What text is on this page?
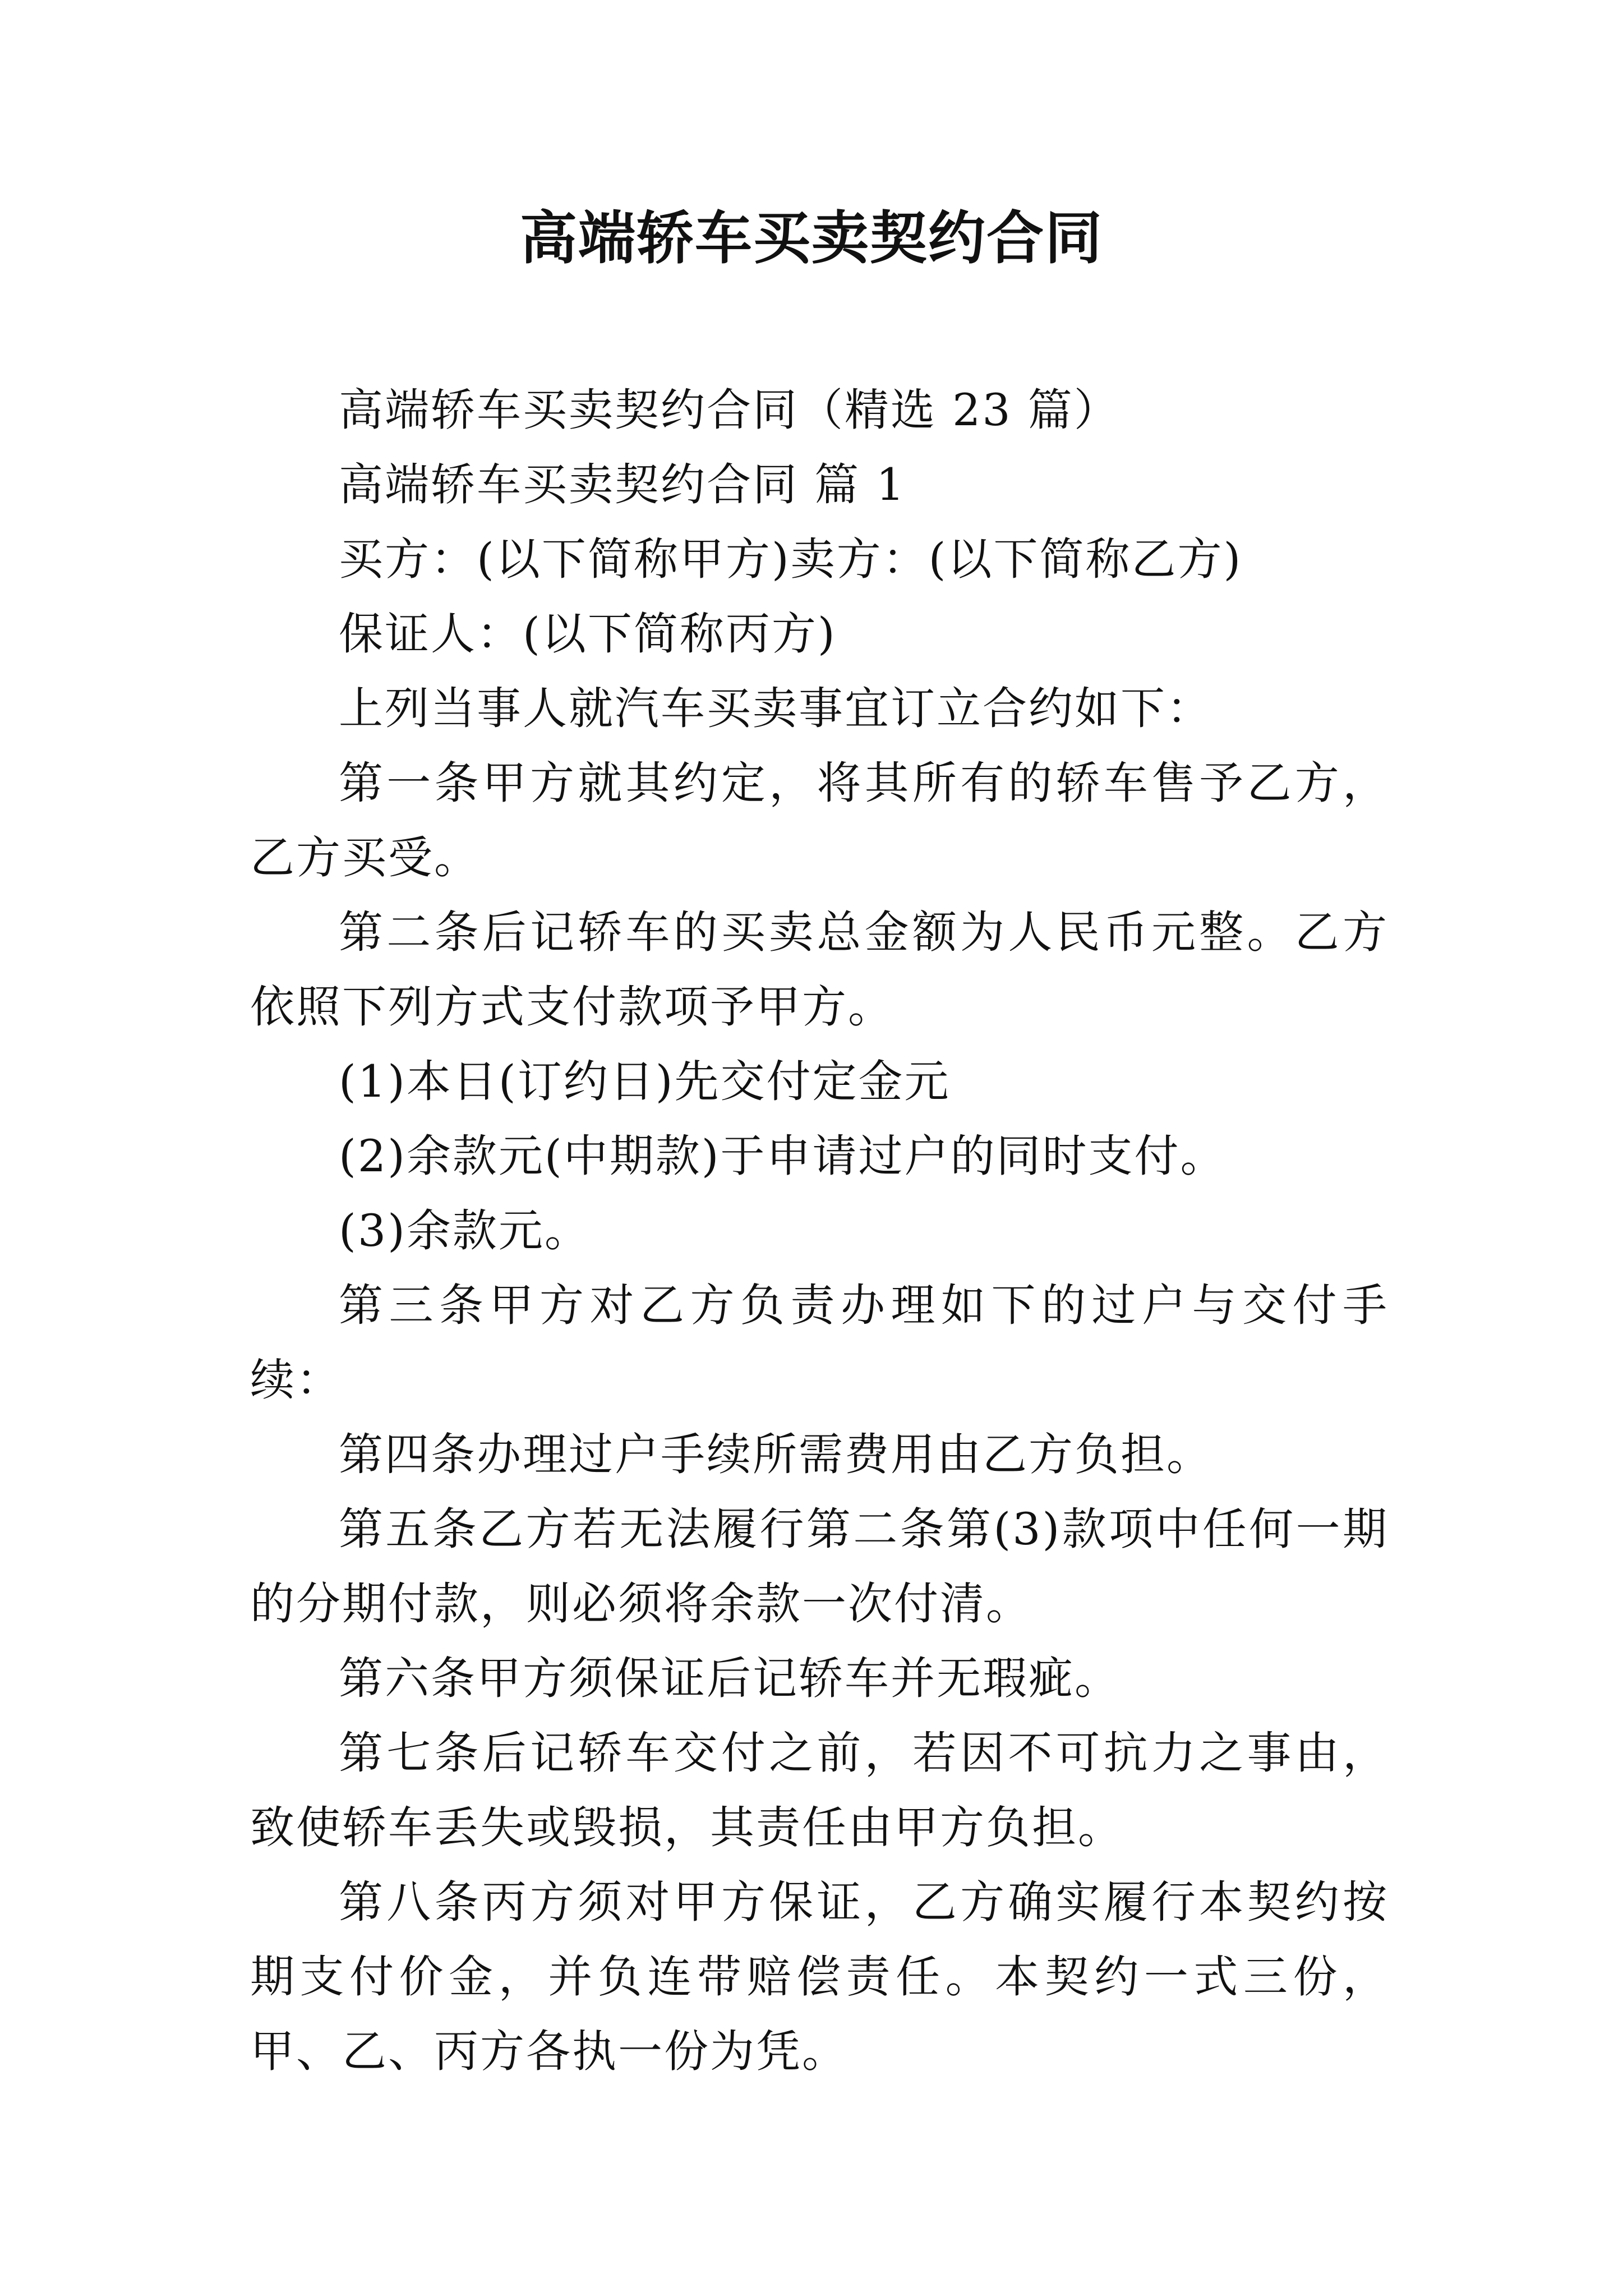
高端轿车买卖契约合同

高端轿车买卖契约合同（精选 23 篇）

高端轿车买卖契约合同 篇 1

买方：(以下简称甲方)卖方：(以下简称乙方)

保证人：(以下简称丙方)

上列当事人就汽车买卖事宜订立合约如下：

第一条甲方就其约定，将其所有的轿车售予乙方，乙方买受。

第二条后记轿车的买卖总金额为人民币元整。乙方依照下列方式支付款项予甲方。

(1)本日(订约日)先交付定金元

(2)余款元(中期款)于申请过户的同时支付。

(3)余款元。

第三条甲方对乙方负责办理如下的过户与交付手续：

第四条办理过户手续所需费用由乙方负担。

第五条乙方若无法履行第二条第(3)款项中任何一期的分期付款，则必须将余款一次付清。

第六条甲方须保证后记轿车并无瑕疵。

第七条后记轿车交付之前，若因不可抗力之事由，致使轿车丢失或毁损，其责任由甲方负担。

第八条丙方须对甲方保证，乙方确实履行本契约按期支付价金，并负连带赔偿责任。本契约一式三份，甲、乙、丙方各执一份为凭。
